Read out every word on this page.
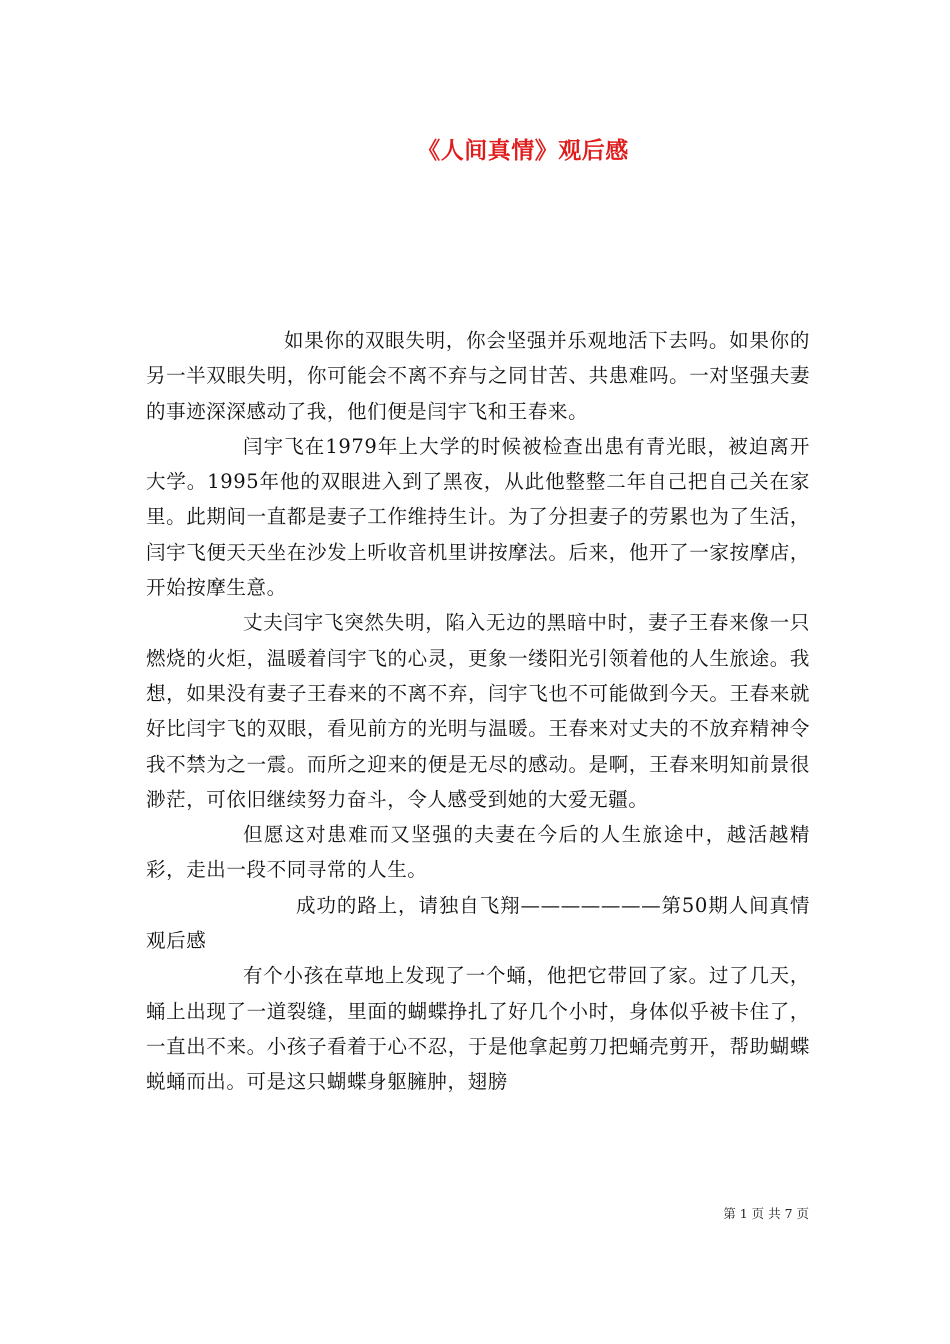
《人间真情》观后感

如果你的双眼失明，你会坚强并乐观地活下去吗。如果你的另一半双眼失明，你可能会不离不弃与之同甘苦、共患难吗。一对坚强夫妻的事迹深深感动了我，他们便是闫宇飞和王春来。

闫宇飞在1979年上大学的时候被检查出患有青光眼，被迫离开大学。1995年他的双眼进入到了黑夜，从此他整整二年自己把自己关在家里。此期间一直都是妻子工作维持生计。为了分担妻子的劳累也为了生活，闫宇飞便天天坐在沙发上听收音机里讲按摩法。后来，他开了一家按摩店，开始按摩生意。

丈夫闫宇飞突然失明，陷入无边的黑暗中时，妻子王春来像一只燃烧的火炬，温暖着闫宇飞的心灵，更象一缕阳光引领着他的人生旅途。我想，如果没有妻子王春来的不离不弃，闫宇飞也不可能做到今天。王春来就好比闫宇飞的双眼，看见前方的光明与温暖。王春来对丈夫的不放弃精神令我不禁为之一震。而所之迎来的便是无尽的感动。是啊，王春来明知前景很渺茫，可依旧继续努力奋斗，令人感受到她的大爱无疆。

但愿这对患难而又坚强的夫妻在今后的人生旅途中，越活越精彩，走出一段不同寻常的人生。

成功的路上，请独自飞翔———————第50期人间真情观后感

有个小孩在草地上发现了一个蛹，他把它带回了家。过了几天，蛹上出现了一道裂缝，里面的蝴蝶挣扎了好几个小时，身体似乎被卡住了，一直出不来。小孩子看着于心不忍，于是他拿起剪刀把蛹壳剪开，帮助蝴蝶蜕蛹而出。可是这只蝴蝶身躯臃肿，翅膀

第 1 页 共 7 页
